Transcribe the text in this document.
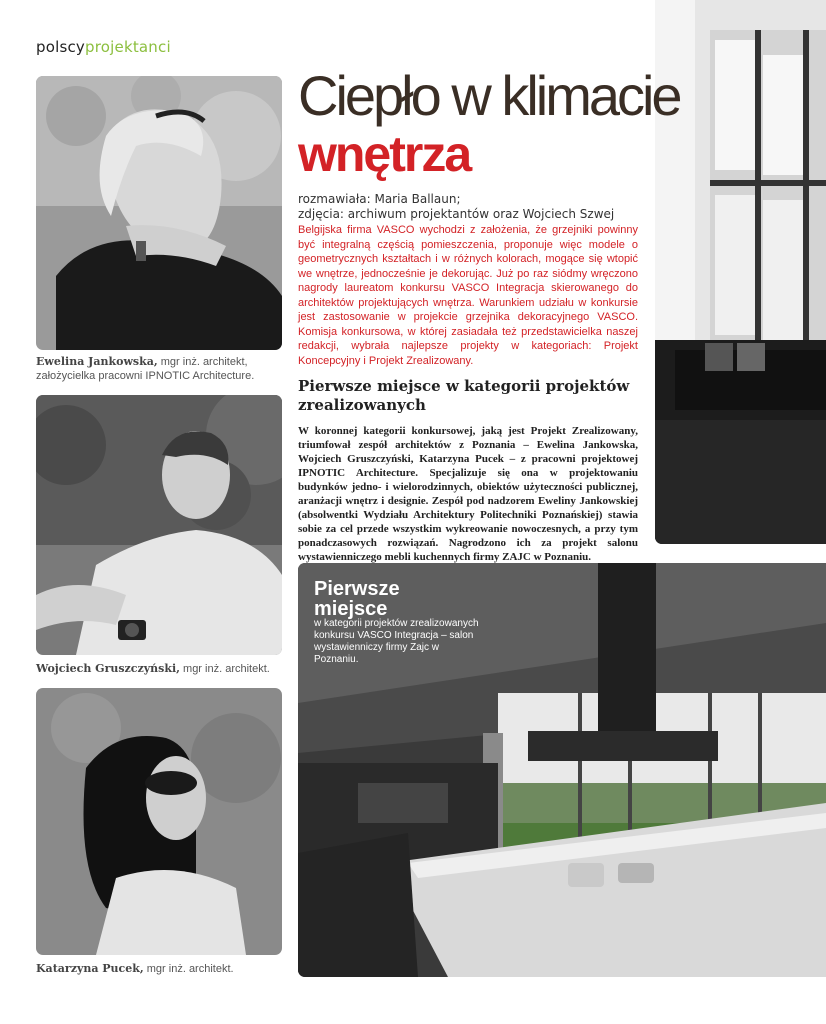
polscyprojektanci
Ewelina Jankowska, mgr inż. architekt,
założycielka pracowni IPNOTIC Architecture.
Wojciech Gruszczyński, mgr inż. architekt.
Katarzyna Pucek, mgr inż. architekt.
Ciepło w klimacie
wnętrza
rozmawiała: Maria Ballaun;
zdjęcia: archiwum projektantów oraz Wojciech Szwej
Belgijska firma VASCO wychodzi z założenia, że grzejniki powinny być integralną częścią pomieszczenia, proponuje więc modele o geometrycznych kształtach i w różnych kolorach, mogące się wtopić we wnętrze, jednocześnie je dekorując. Już po raz siódmy wręczono nagrody laureatom konkursu VASCO Integracja skierowanego do architektów projektujących wnętrza. Warunkiem udziału w konkursie jest zastosowanie w projekcie grzejnika dekoracyjnego VASCO. Komisja konkursowa, w której zasiadała też przedstawicielka naszej redakcji, wybrała najlepsze projekty w kategoriach: Projekt Koncepcyjny i Projekt Zrealizowany.
Pierwsze miejsce w kategorii projektów zrealizowanych
W koronnej kategorii konkursowej, jaką jest Projekt Zrealizowany, triumfował zespół architektów z Poznania – Ewelina Jankowska, Wojciech Gruszczyński, Katarzyna Pucek – z pracowni projektowej IPNOTIC Architecture. Specjalizuje się ona w projektowaniu budynków jedno- i wielorodzinnych, obiektów użyteczności publicznej, aranżacji wnętrz i designie. Zespół pod nadzorem Eweliny Jankowskiej (absolwentki Wydziału Architektury Politechniki Poznańskiej) stawia sobie za cel przede wszystkim wykreowanie nowoczesnych, a przy tym ponadczasowych rozwiązań. Nagrodzono ich za projekt salonu wystawienniczego mebli kuchennych firmy ZAJC w Poznaniu.
Pierwsze
miejsce
w kategorii projektów zrealizowanych konkursu VASCO Integracja – salon wystawienniczy firmy Zajc w Poznaniu.
